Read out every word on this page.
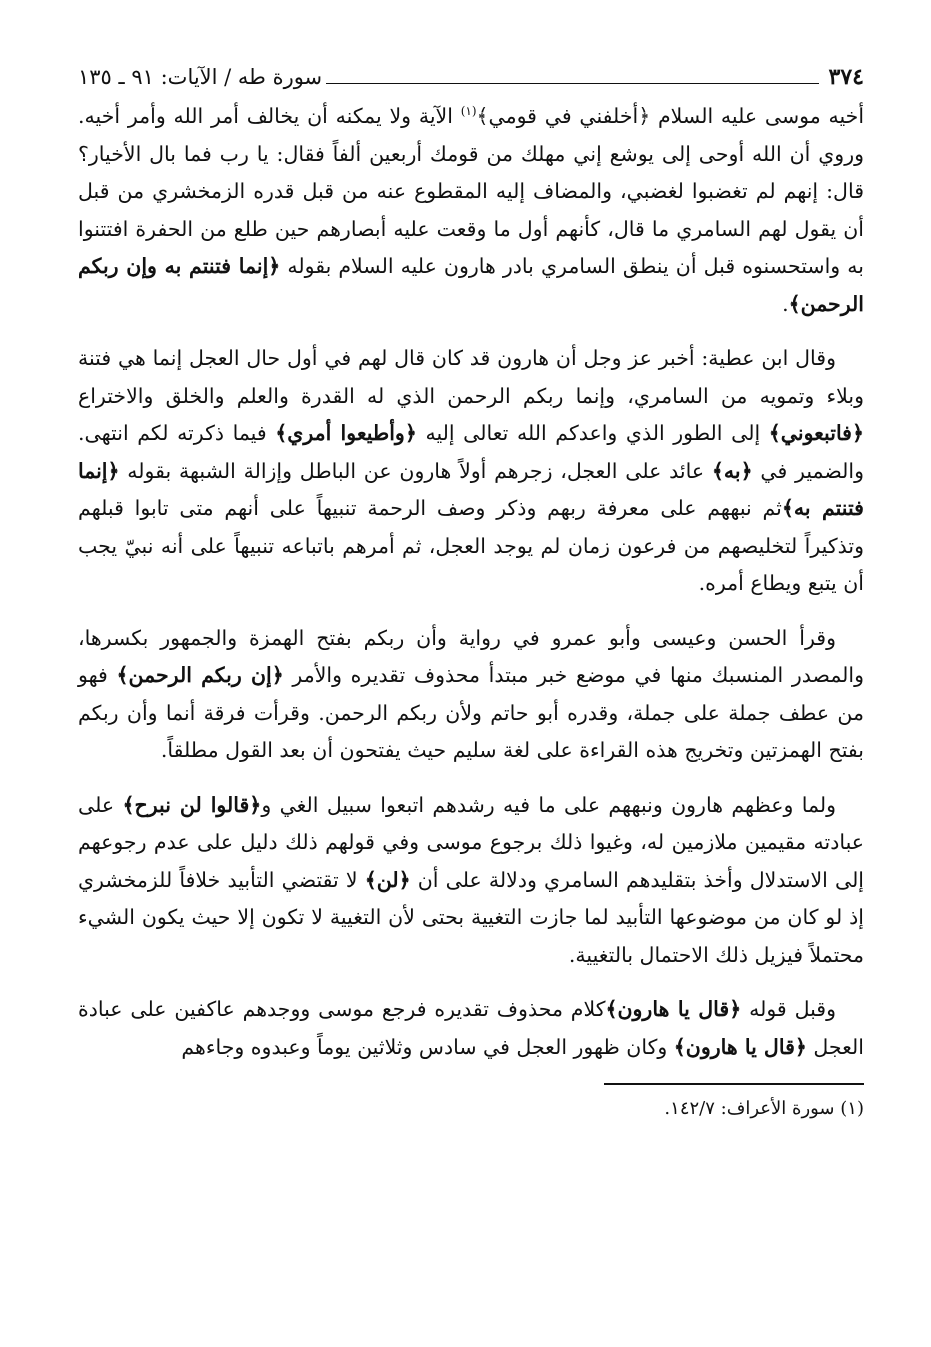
٣٧٤
سورة طه / الآيات: ٩١ ـ ١٣٥

أخيه موسى عليه السلام ﴿أخلفني في قومي﴾$^{(١)}$ الآية ولا يمكنه أن يخالف أمر الله وأمر أخيه. وروي أن الله أوحى إلى يوشع إني مهلك من قومك أربعين ألفاً فقال: يا رب فما بال الأخيار؟ قال: إنهم لم تغضبوا لغضبي، والمضاف إليه المقطوع عنه من قبل قدره الزمخشري من قبل أن يقول لهم السامري ما قال، كأنهم أول ما وقعت عليه أبصارهم حين طلع من الحفرة افتتنوا به واستحسنوه قبل أن ينطق السامري بادر هارون عليه السلام بقوله ﴿إنما فتنتم به وإن ربكم الرحمن﴾.

وقال ابن عطية: أخبر عز وجل أن هارون قد كان قال لهم في أول حال العجل إنما هي فتنة وبلاء وتمويه من السامري، وإنما ربكم الرحمن الذي له القدرة والعلم والخلق والاختراع ﴿فاتبعوني﴾ إلى الطور الذي واعدكم الله تعالى إليه ﴿وأطيعوا أمري﴾ فيما ذكرته لكم انتهى. والضمير في ﴿به﴾ عائد على العجل، زجرهم أولاً هارون عن الباطل وإزالة الشبهة بقوله ﴿إنما فتنتم به﴾ثم نبههم على معرفة ربهم وذكر وصف الرحمة تنبيهاً على أنهم متى تابوا قبلهم وتذكيراً لتخليصهم من فرعون زمان لم يوجد العجل، ثم أمرهم باتباعه تنبيهاً على أنه نبيّ يجب أن يتبع ويطاع أمره.

وقرأ الحسن وعيسى وأبو عمرو في رواية وأن ربكم بفتح الهمزة والجمهور بكسرها، والمصدر المنسبك منها في موضع خبر مبتدأ محذوف تقديره والأمر ﴿إن ربكم الرحمن﴾ فهو من عطف جملة على جملة، وقدره أبو حاتم ولأن ربكم الرحمن. وقرأت فرقة أنما وأن ربكم بفتح الهمزتين وتخريج هذه القراءة على لغة سليم حيث يفتحون أن بعد القول مطلقاً.

ولما وعظهم هارون ونبههم على ما فيه رشدهم اتبعوا سبيل الغي و﴿قالوا لن نبرح﴾ على عبادته مقيمين ملازمين له، وغيوا ذلك برجوع موسى وفي قولهم ذلك دليل على عدم رجوعهم إلى الاستدلال وأخذ بتقليدهم السامري ودلالة على أن ﴿لن﴾ لا تقتضي التأبيد خلافاً للزمخشري إذ لو كان من موضوعها التأبيد لما جازت التغيية بحتى لأن التغيية لا تكون إلا حيث يكون الشيء محتملاً فيزيل ذلك الاحتمال بالتغيية.

وقبل قوله ﴿قال يا هارون﴾كلام محذوف تقديره فرجع موسى ووجدهم عاكفين على عبادة العجل ﴿قال يا هارون﴾ وكان ظهور العجل في سادس وثلاثين يوماً وعبدوه وجاءهم

(١) سورة الأعراف: ١٤٢/٧.
